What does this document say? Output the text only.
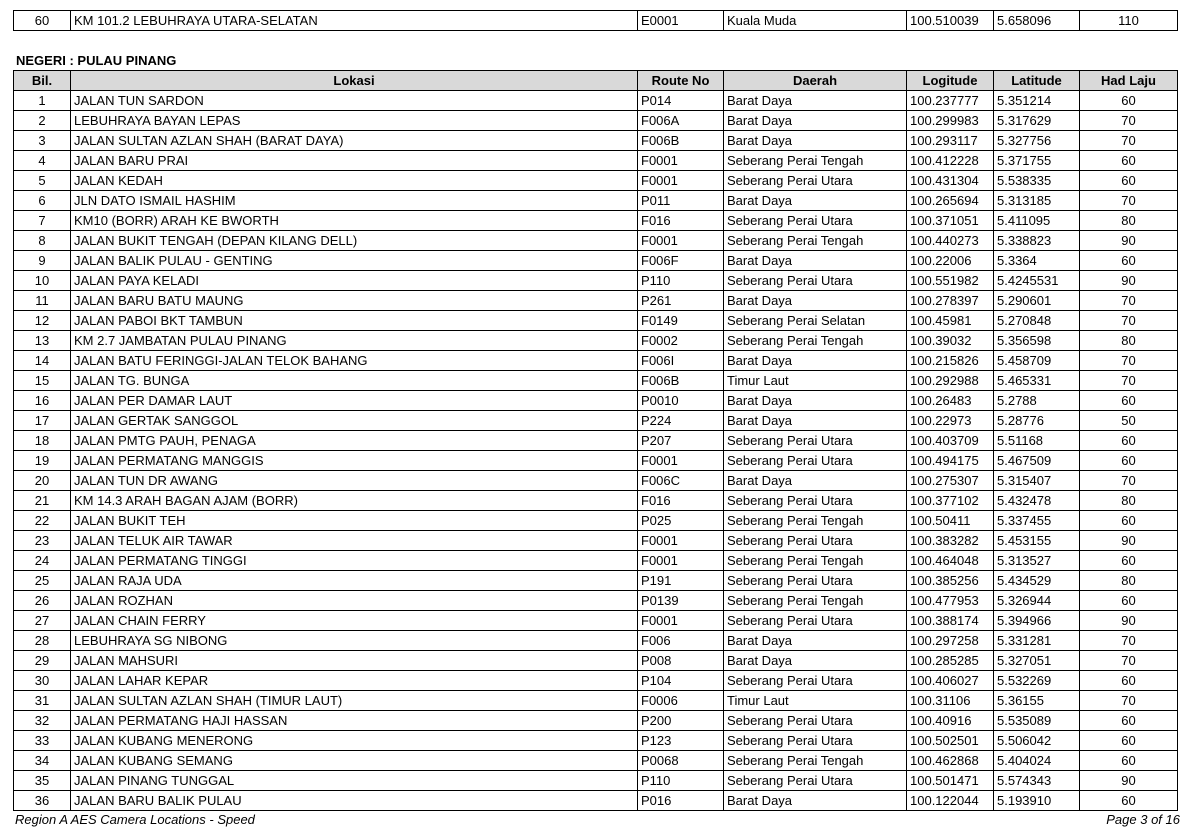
60	KM 101.2 LEBUHRAYA UTARA-SELATAN	E0001	Kuala Muda	100.510039	5.658096	110
NEGERI : PULAU PINANG
Bil.	Lokasi	Route No	Daerah	Logitude	Latitude	Had Laju
1	JALAN TUN SARDON	P014	Barat Daya	100.237777	5.351214	60
2	LEBUHRAYA BAYAN LEPAS	F006A	Barat Daya	100.299983	5.317629	70
3	JALAN SULTAN AZLAN SHAH (BARAT DAYA)	F006B	Barat Daya	100.293117	5.327756	70
4	JALAN BARU PRAI	F0001	Seberang Perai Tengah	100.412228	5.371755	60
5	JALAN KEDAH	F0001	Seberang Perai Utara	100.431304	5.538335	60
6	JLN DATO ISMAIL HASHIM	P011	Barat Daya	100.265694	5.313185	70
7	KM10 (BORR) ARAH KE BWORTH	F016	Seberang Perai Utara	100.371051	5.411095	80
8	JALAN BUKIT TENGAH (DEPAN KILANG DELL)	F0001	Seberang Perai Tengah	100.440273	5.338823	90
9	JALAN BALIK PULAU - GENTING	F006F	Barat Daya	100.22006	5.3364	60
10	JALAN PAYA KELADI	P110	Seberang Perai Utara	100.551982	5.4245531	90
11	JALAN BARU BATU MAUNG	P261	Barat Daya	100.278397	5.290601	70
12	JALAN PABOI BKT TAMBUN	F0149	Seberang Perai Selatan	100.45981	5.270848	70
13	KM 2.7 JAMBATAN PULAU PINANG	F0002	Seberang Perai Tengah	100.39032	5.356598	80
14	JALAN BATU FERINGGI-JALAN TELOK BAHANG	F006I	Barat Daya	100.215826	5.458709	70
15	JALAN TG. BUNGA	F006B	Timur Laut	100.292988	5.465331	70
16	JALAN PER DAMAR LAUT	P0010	Barat Daya	100.26483	5.2788	60
17	JALAN GERTAK SANGGOL	P224	Barat Daya	100.22973	5.28776	50
18	JALAN PMTG PAUH, PENAGA	P207	Seberang Perai Utara	100.403709	5.51168	60
19	JALAN PERMATANG MANGGIS	F0001	Seberang Perai Utara	100.494175	5.467509	60
20	JALAN TUN DR AWANG	F006C	Barat Daya	100.275307	5.315407	70
21	KM 14.3 ARAH BAGAN AJAM (BORR)	F016	Seberang Perai Utara	100.377102	5.432478	80
22	JALAN BUKIT TEH	P025	Seberang Perai Tengah	100.50411	5.337455	60
23	JALAN TELUK AIR TAWAR	F0001	Seberang Perai Utara	100.383282	5.453155	90
24	JALAN PERMATANG TINGGI	F0001	Seberang Perai Tengah	100.464048	5.313527	60
25	JALAN RAJA UDA	P191	Seberang Perai Utara	100.385256	5.434529	80
26	JALAN ROZHAN	P0139	Seberang Perai Tengah	100.477953	5.326944	60
27	JALAN CHAIN FERRY	F0001	Seberang Perai Utara	100.388174	5.394966	90
28	LEBUHRAYA SG NIBONG	F006	Barat Daya	100.297258	5.331281	70
29	JALAN MAHSURI	P008	Barat Daya	100.285285	5.327051	70
30	JALAN LAHAR KEPAR	P104	Seberang Perai Utara	100.406027	5.532269	60
31	JALAN SULTAN AZLAN SHAH (TIMUR LAUT)	F0006	Timur Laut	100.31106	5.36155	70
32	JALAN PERMATANG HAJI HASSAN	P200	Seberang Perai Utara	100.40916	5.535089	60
33	JALAN KUBANG MENERONG	P123	Seberang Perai Utara	100.502501	5.506042	60
34	JALAN KUBANG SEMANG	P0068	Seberang Perai Tengah	100.462868	5.404024	60
35	JALAN PINANG TUNGGAL	P110	Seberang Perai Utara	100.501471	5.574343	90
36	JALAN BARU BALIK PULAU	P016	Barat Daya	100.122044	5.193910	60
Region A AES Camera Locations - Speed	Page 3 of 16
